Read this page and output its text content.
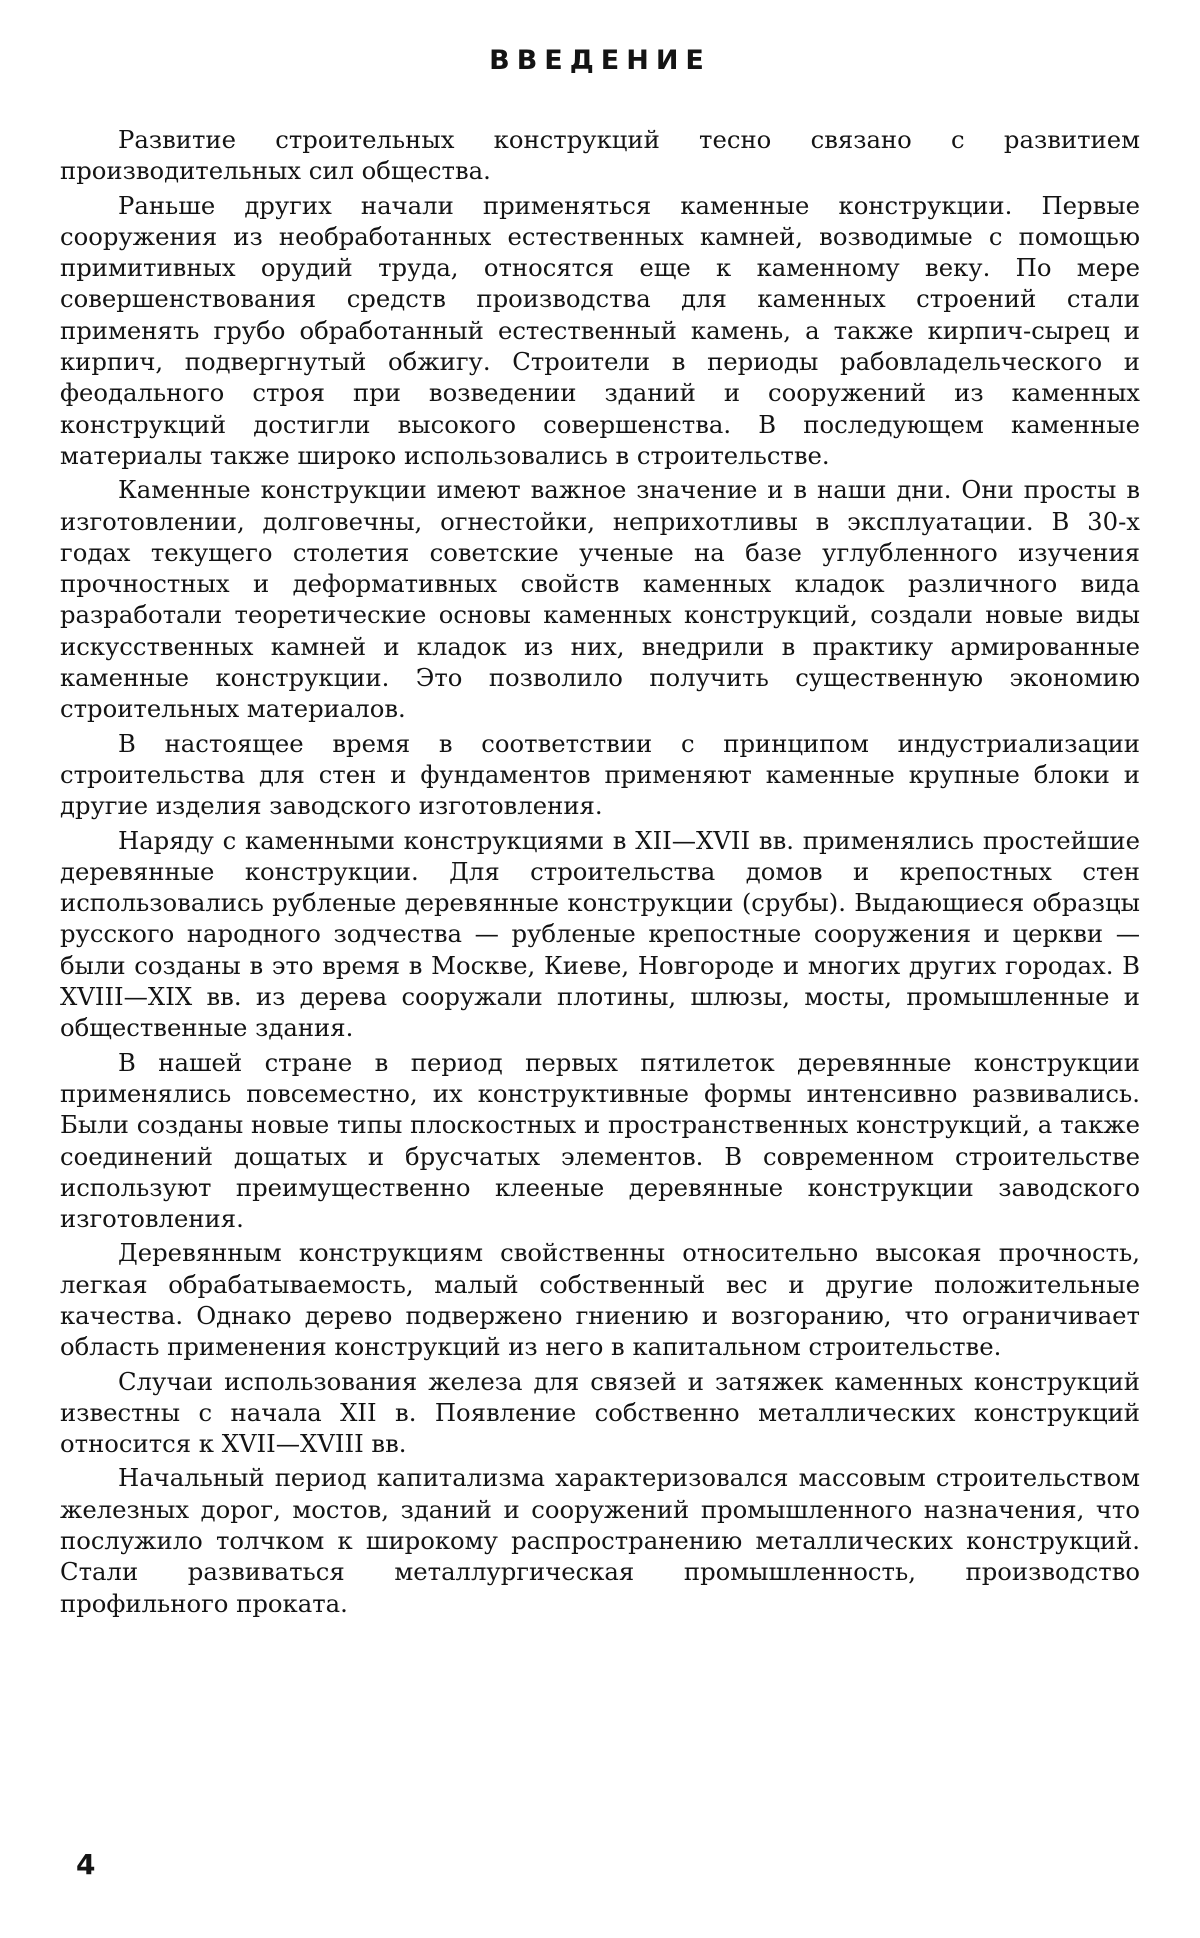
ВВЕДЕНИЕ

Развитие строительных конструкций тесно связано с развитием производительных сил общества.

Раньше других начали применяться каменные конструкции. Первые сооружения из необработанных естественных камней, возводимые с помощью примитивных орудий труда, относятся еще к каменному веку. По мере совершенствования средств производства для каменных строений стали применять грубо обработанный естественный камень, а также кирпич-сырец и кирпич, подвергнутый обжигу. Строители в периоды рабовладельческого и феодального строя при возведении зданий и сооружений из каменных конструкций достигли высокого совершенства. В последующем каменные материалы также широко использовались в строительстве.

Каменные конструкции имеют важное значение и в наши дни. Они просты в изготовлении, долговечны, огнестойки, неприхотливы в эксплуатации. В 30-х годах текущего столетия советские ученые на базе углубленного изучения прочностных и деформативных свойств каменных кладок различного вида разработали теоретические основы каменных конструкций, создали новые виды искусственных камней и кладок из них, внедрили в практику армированные каменные конструкции. Это позволило получить существенную экономию строительных материалов.

В настоящее время в соответствии с принципом индустриализации строительства для стен и фундаментов применяют каменные крупные блоки и другие изделия заводского изготовления.

Наряду с каменными конструкциями в XII—XVII вв. применялись простейшие деревянные конструкции. Для строительства домов и крепостных стен использовались рубленые деревянные конструкции (срубы). Выдающиеся образцы русского народного зодчества — рубленые крепостные сооружения и церкви — были созданы в это время в Москве, Киеве, Новгороде и многих других городах. В XVIII—XIX вв. из дерева сооружали плотины, шлюзы, мосты, промышленные и общественные здания.

В нашей стране в период первых пятилеток деревянные конструкции применялись повсеместно, их конструктивные формы интенсивно развивались. Были созданы новые типы плоскостных и пространственных конструкций, а также соединений дощатых и брусчатых элементов. В современном строительстве используют преимущественно клееные деревянные конструкции заводского изготовления.

Деревянным конструкциям свойственны относительно высокая прочность, легкая обрабатываемость, малый собственный вес и другие положительные качества. Однако дерево подвержено гниению и возгоранию, что ограничивает область применения конструкций из него в капитальном строительстве.

Случаи использования железа для связей и затяжек каменных конструкций известны с начала XII в. Появление собственно металлических конструкций относится к XVII—XVIII вв.

Начальный период капитализма характеризовался массовым строительством железных дорог, мостов, зданий и сооружений промышленного назначения, что послужило толчком к широкому распространению металлических конструкций. Стали развиваться металлургическая промышленность, производство профильного проката.

4
